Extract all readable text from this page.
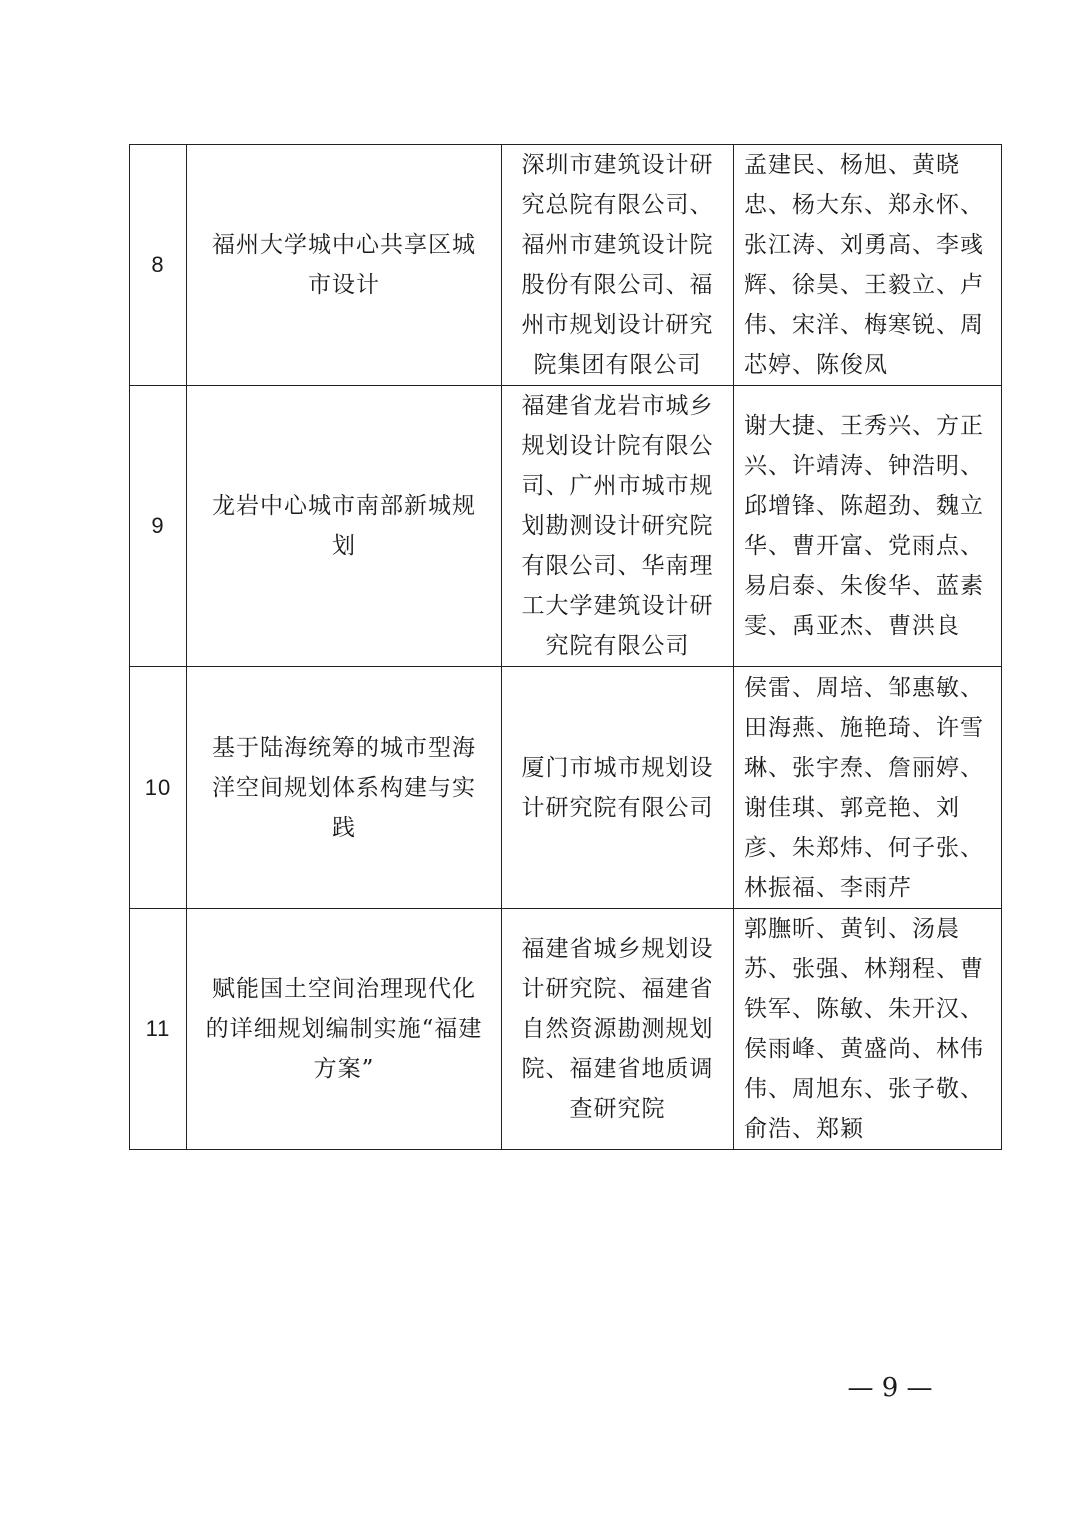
8	福州大学城中心共享区城市设计	深圳市建筑设计研究总院有限公司、福州市建筑设计院股份有限公司、福州市规划设计研究院集团有限公司	孟建民、杨旭、黄晓忠、杨大东、郑永怀、张江涛、刘勇高、李彧辉、徐昊、王毅立、卢伟、宋洋、梅寒锐、周芯婷、陈俊凤
9	龙岩中心城市南部新城规划	福建省龙岩市城乡规划设计院有限公司、广州市城市规划勘测设计研究院有限公司、华南理工大学建筑设计研究院有限公司	谢大捷、王秀兴、方正兴、许靖涛、钟浩明、邱增锋、陈超劲、魏立华、曹开富、党雨点、易启泰、朱俊华、蓝素雯、禹亚杰、曹洪良
10	基于陆海统筹的城市型海洋空间规划体系构建与实践	厦门市城市规划设计研究院有限公司	侯雷、周培、邹惠敏、田海燕、施艳琦、许雪琳、张宇焘、詹丽婷、谢佳琪、郭竞艳、刘彦、朱郑炜、何子张、林振福、李雨芹
11	赋能国土空间治理现代化的详细规划编制实施“福建方案”	福建省城乡规划设计研究院、福建省自然资源勘测规划院、福建省地质调查研究院	郭膴昕、黄钊、汤晨苏、张强、林翔程、曹铁军、陈敏、朱开汉、侯雨峰、黄盛尚、林伟伟、周旭东、张子敬、俞浩、郑颖
— 9 —
